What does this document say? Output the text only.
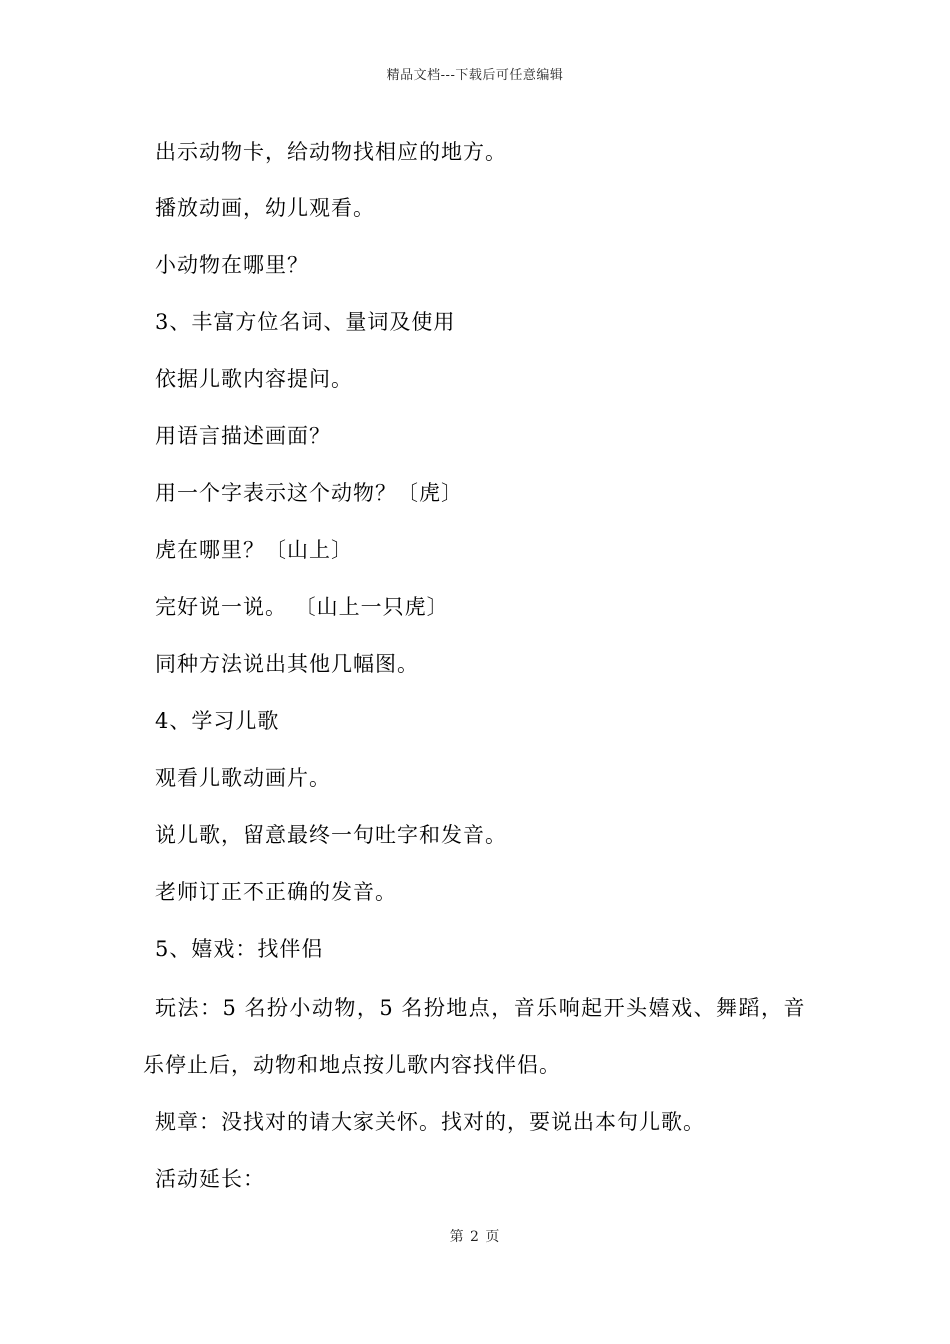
精品文档---下载后可任意编辑
出示动物卡，给动物找相应的地方。
播放动画，幼儿观看。
小动物在哪里？
3、丰富方位名词、量词及使用
依据儿歌内容提问。
用语言描述画面？
用一个字表示这个动物？〔虎〕
虎在哪里？〔山上〕
完好说一说。 〔山上一只虎〕
同种方法说出其他几幅图。
4、学习儿歌
观看儿歌动画片。
说儿歌，留意最终一句吐字和发音。
老师订正不正确的发音。
5、嬉戏：找伴侣
玩法：5 名扮小动物，5 名扮地点，音乐响起开头嬉戏、舞蹈，音
乐停止后，动物和地点按儿歌内容找伴侣。
规章：没找对的请大家关怀。找对的，要说出本句儿歌。
活动延长：
第 2 页
